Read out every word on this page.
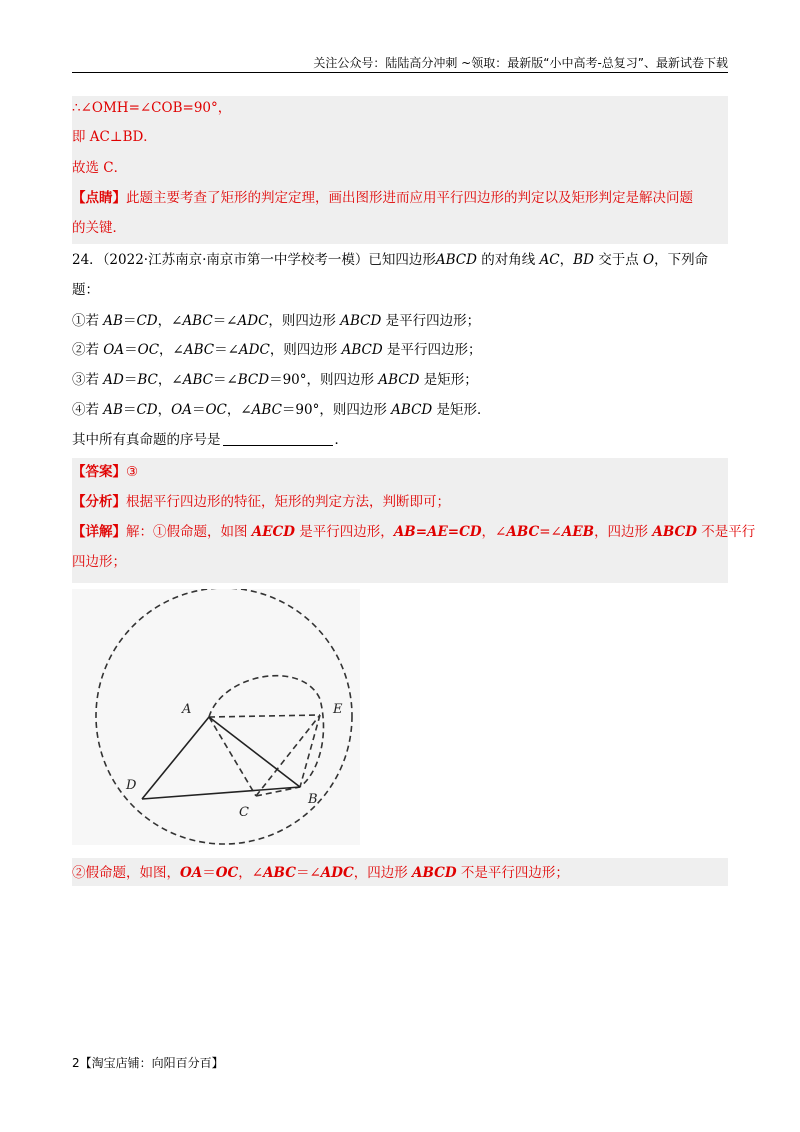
关注公众号：陆陆高分冲刺 ~领取：最新版“小中高考-总复习”、最新试卷下载
∴∠OMH=∠COB=90°，
即 AC⊥BD．
故选 C．
【点睛】此题主要考查了矩形的判定定理，画出图形进而应用平行四边形的判定以及矩形判定是解决问题
的关键．
24．（2022·江苏南京·南京市第一中学校考一模）已知四边形ABCD 的对角线 AC，BD 交于点 O，下列命
题：
①若 AB＝CD，∠ABC＝∠ADC，则四边形 ABCD 是平行四边形；
②若 OA＝OC，∠ABC＝∠ADC，则四边形 ABCD 是平行四边形；
③若 AD＝BC，∠ABC＝∠BCD＝90°，则四边形 ABCD 是矩形；
④若 AB＝CD，OA＝OC，∠ABC＝90°，则四边形 ABCD 是矩形．
其中所有真命题的序号是	．
【答案】③
【分析】根据平行四边形的特征，矩形的判定方法，判断即可；
【详解】解：①假命题，如图 AECD 是平行四边形，AB=AE=CD，∠ABC=∠AEB，四边形 ABCD 不是平行
四边形；
A	E
D
C
B
②假命题，如图，OA＝OC，∠ABC＝∠ADC，四边形 ABCD 不是平行四边形；
2【淘宝店铺：向阳百分百】
